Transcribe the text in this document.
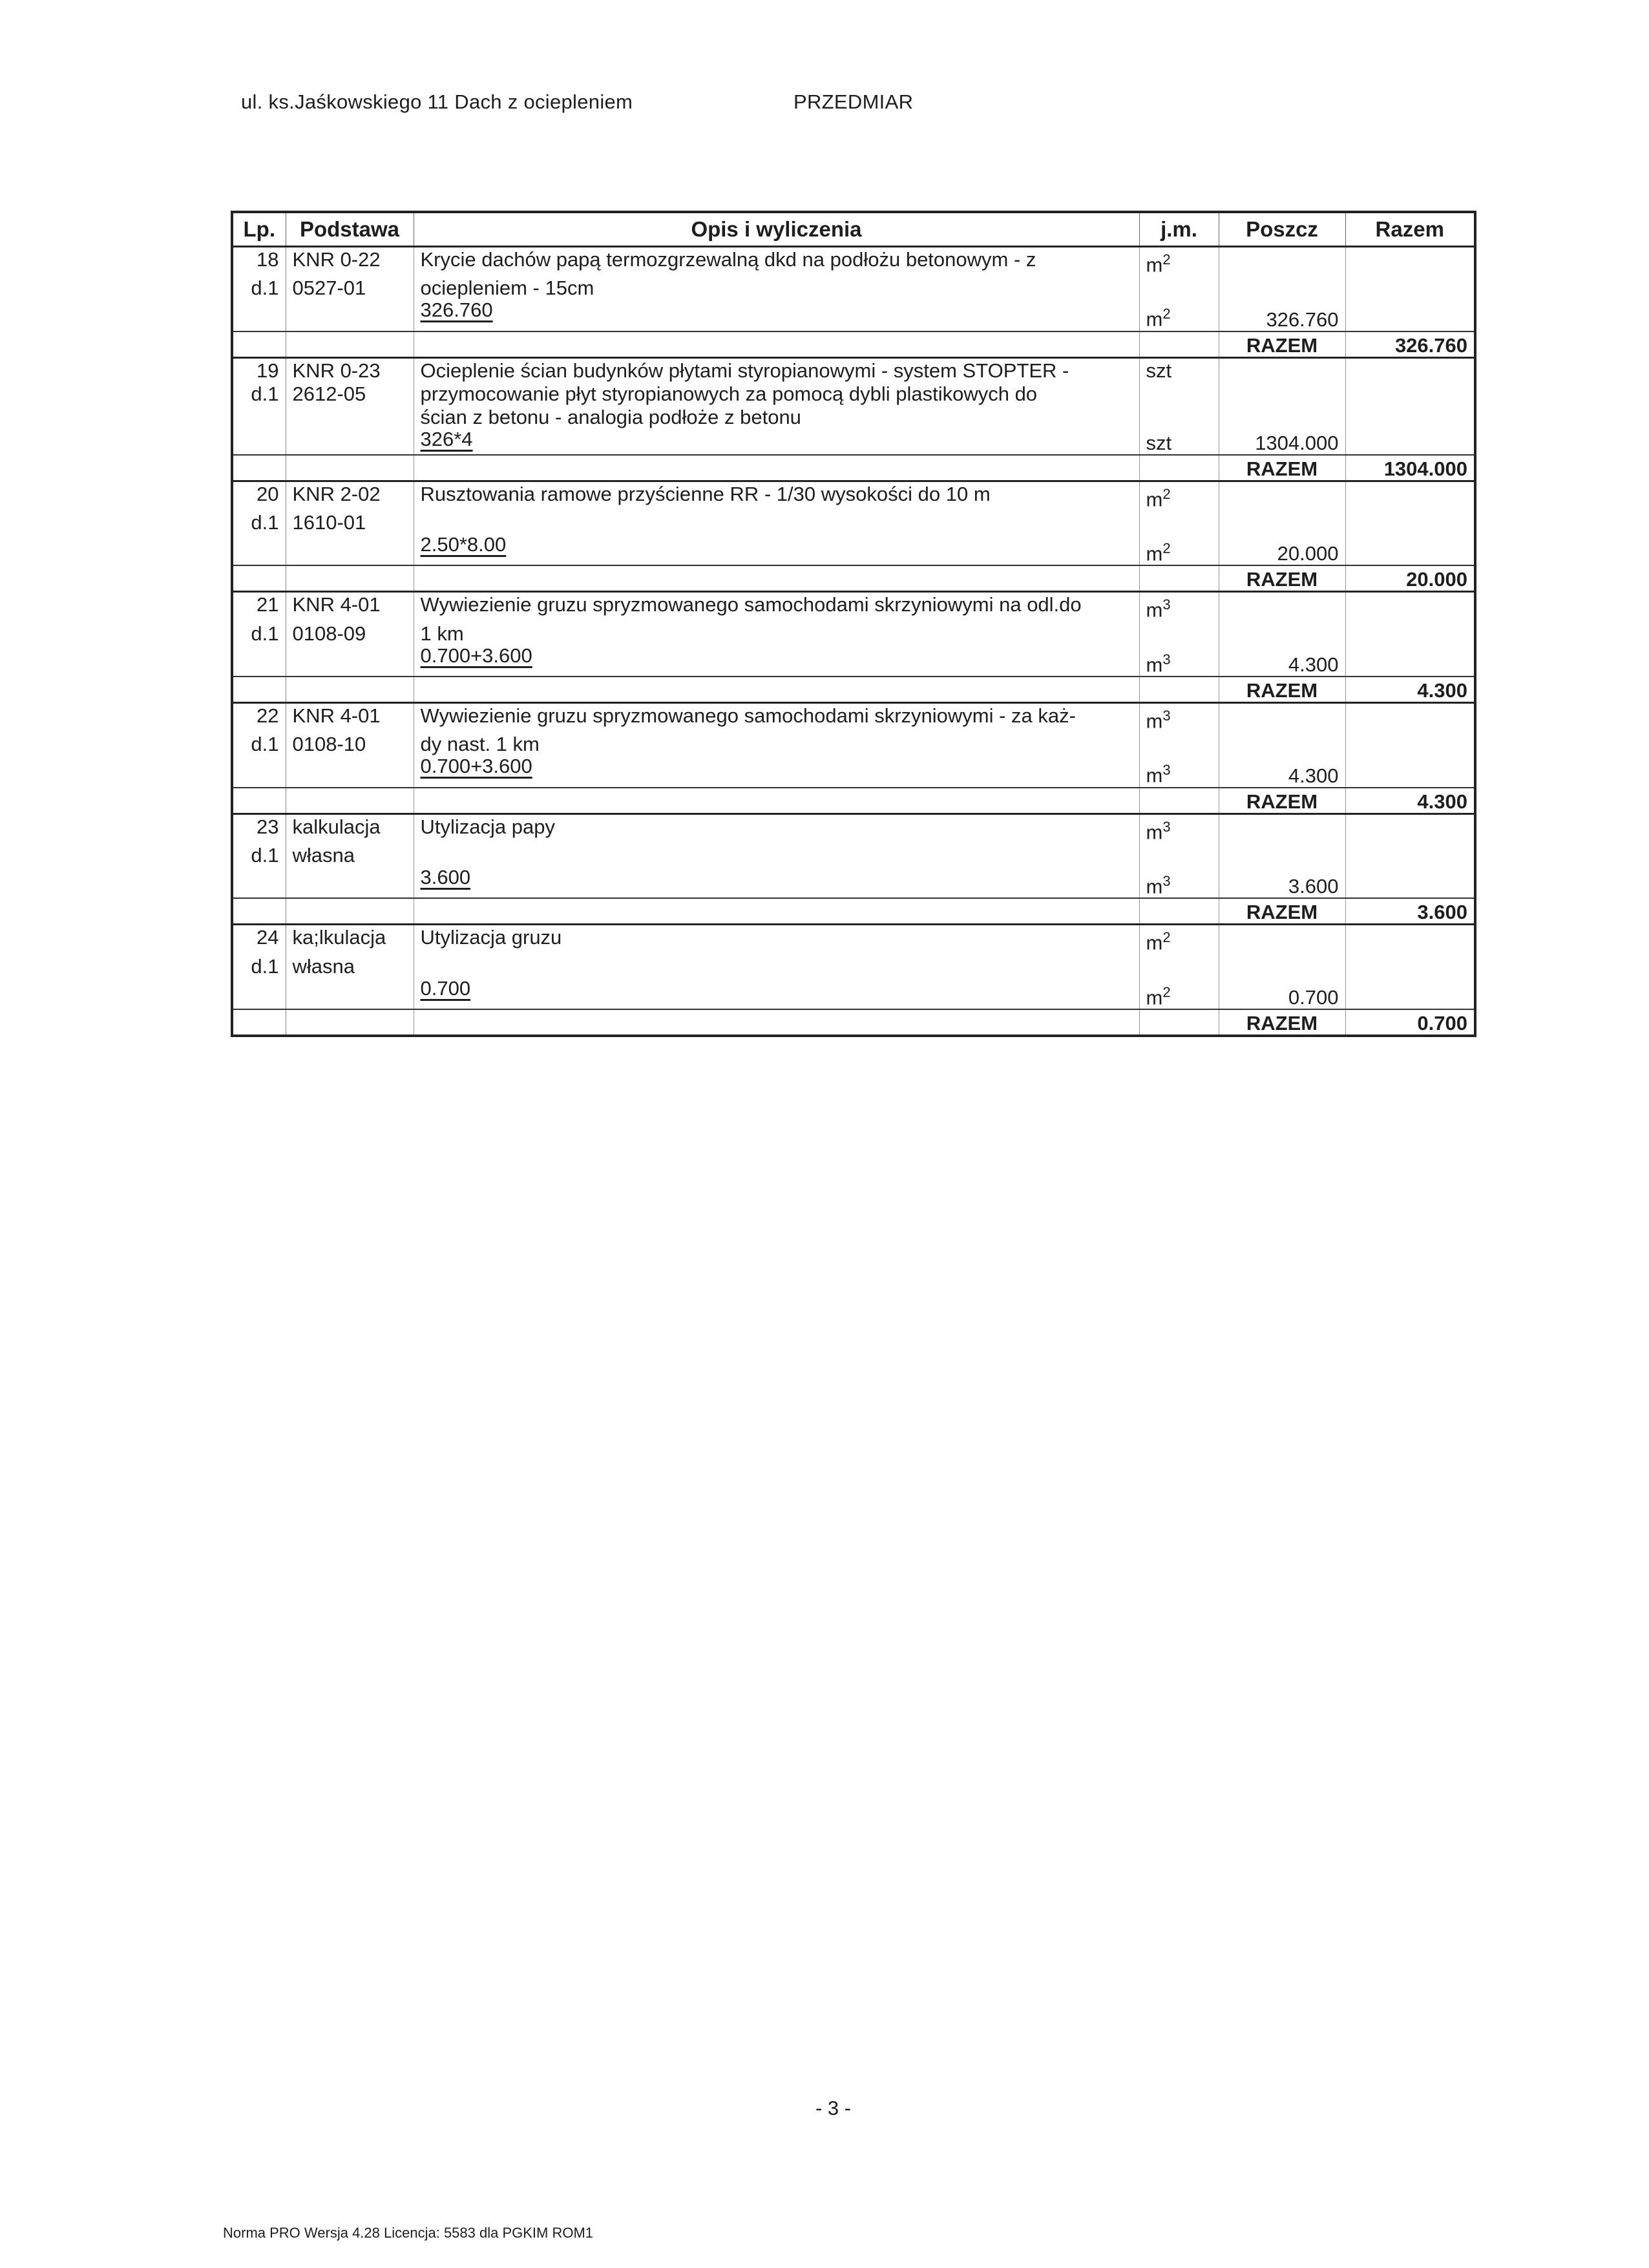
ul. ks.Jaśkowskiego 11 Dach z ociepleniem	PRZEDMIAR
Lp.	Podstawa	Opis i wyliczenia	j.m.	Poszcz	Razem
18	KNR 0-22	Krycie dachów papą termozgrzewalną dkd na podłożu betonowym - z	$m^2$		
d.1	0527-01	ociepleniem - 15cm			
		326.760	$m^2$	326.760	
				RAZEM	326.760
19	KNR 0-23	Ocieplenie ścian budynków płytami styropianowymi - system STOPTER -	szt		
d.1	2612-05	przymocowanie płyt styropianowych za pomocą dybli plastikowych do			
		ścian z betonu - analogia podłoże z betonu			
		326*4	szt	1304.000	
				RAZEM	1304.000
20	KNR 2-02	Rusztowania ramowe przyścienne RR - 1/30 wysokości do 10 m	$m^2$		
d.1	1610-01				
		2.50*8.00	$m^2$	20.000	
				RAZEM	20.000
21	KNR 4-01	Wywiezienie gruzu spryzmowanego samochodami skrzyniowymi na odl.do	$m^3$		
d.1	0108-09	1 km			
		0.700+3.600	$m^3$	4.300	
				RAZEM	4.300
22	KNR 4-01	Wywiezienie gruzu spryzmowanego samochodami skrzyniowymi - za każ-	$m^3$		
d.1	0108-10	dy nast. 1 km			
		0.700+3.600	$m^3$	4.300	
				RAZEM	4.300
23	kalkulacja	Utylizacja papy	$m^3$		
d.1	własna				
		3.600	$m^3$	3.600	
				RAZEM	3.600
24	ka;lkulacja	Utylizacja gruzu	$m^2$		
d.1	własna				
		0.700	$m^2$	0.700	
				RAZEM	0.700
- 3 -
Norma PRO Wersja 4.28 Licencja: 5583 dla PGKIM ROM1
